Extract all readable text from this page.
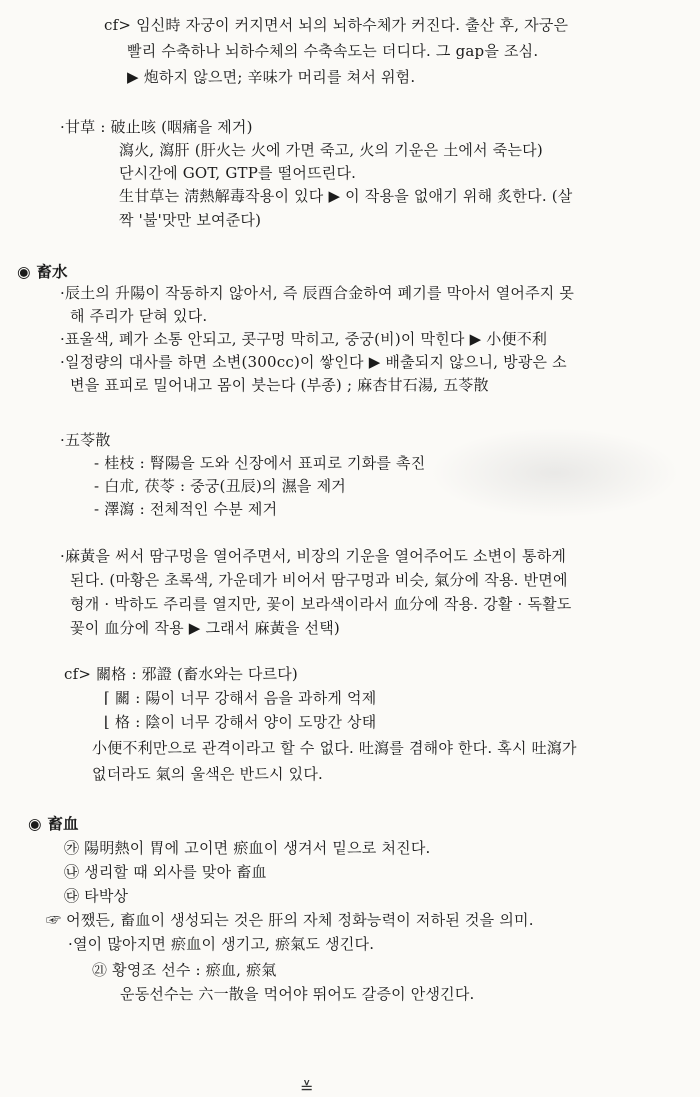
cf> 임신時 자궁이 커지면서 뇌의 뇌하수체가 커진다. 출산 후, 자궁은
빨리 수축하나 뇌하수체의 수축속도는 더디다. 그 gap을 조심.
▶ 炮하지 않으면; 辛味가 머리를 쳐서 위험.
·甘草 : 破止咳 (咽痛을 제거)
瀉火, 瀉肝 (肝火는 火에 가면 죽고, 火의 기운은 土에서 죽는다)
단시간에 GOT, GTP를 떨어뜨린다.
生甘草는 淸熱解毒작용이 있다 ▶ 이 작용을 없애기 위해 炙한다. (살
짝 '불'맛만 보여준다)
◉ 畜水
·辰土의 升陽이 작동하지 않아서, 즉 辰酉合金하여 폐기를 막아서 열어주지 못
해 주리가 닫혀 있다.
·표울색, 폐가 소통 안되고, 콧구멍 막히고, 중궁(비)이 막힌다 ▶ 小便不利
·일정량의 대사를 하면 소변(300cc)이 쌓인다 ▶ 배출되지 않으니, 방광은 소
변을 표피로 밀어내고 몸이 붓는다 (부종) ; 麻杏甘石湯, 五苓散
·五苓散
- 桂枝 : 腎陽을 도와 신장에서 표피로 기화를 촉진
- 白朮, 茯苓 : 중궁(丑辰)의 濕을 제거
- 澤瀉 : 전체적인 수분 제거
·麻黃을 써서 땀구멍을 열어주면서, 비장의 기운을 열어주어도 소변이 통하게
된다. (마황은 초록색, 가운데가 비어서 땀구멍과 비슷, 氣分에 작용. 반면에
형개 · 박하도 주리를 열지만, 꽃이 보라색이라서 血分에 작용. 강활 · 독활도
꽃이 血分에 작용 ▶ 그래서 麻黃을 선택)
cf> 關格 : 邪證 (畜水와는 다르다)
⌈ 關 : 陽이 너무 강해서 음을 과하게 억제
⌊ 格 : 陰이 너무 강해서 양이 도망간 상태
小便不利만으로 관격이라고 할 수 없다. 吐瀉를 겸해야 한다. 혹시 吐瀉가
없더라도 氣의 울색은 반드시 있다.
◉ 畜血
㉮ 陽明熱이 胃에 고이면 瘀血이 생겨서 밑으로 처진다.
㉯ 생리할 때 외사를 맞아 畜血
㉰ 타박상
☞ 어쨌든, 畜血이 생성되는 것은 肝의 자체 정화능력이 저하된 것을 의미.
·열이 많아지면 瘀血이 생기고, 瘀氣도 생긴다.
㉑ 황영조 선수 : 瘀血, 瘀氣
운동선수는 六一散을 먹어야 뛰어도 갈증이 안생긴다.
≚
